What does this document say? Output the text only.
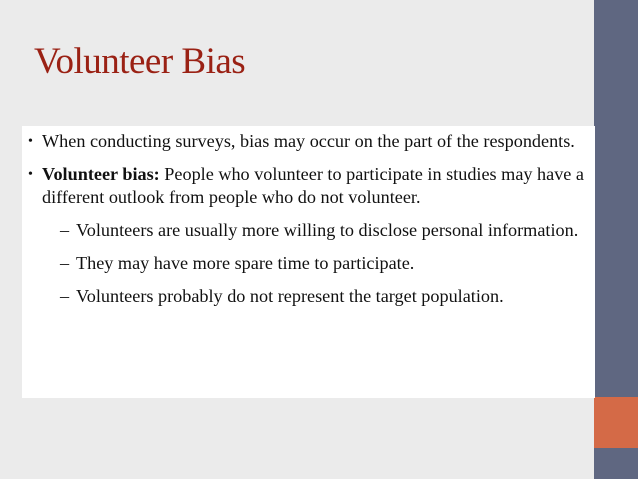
Volunteer Bias
• When conducting surveys, bias may occur on the part of the respondents.
• Volunteer bias: People who volunteer to participate in studies may have a different outlook from people who do not volunteer.
– Volunteers are usually more willing to disclose personal information.
– They may have more spare time to participate.
– Volunteers probably do not represent the target population.
